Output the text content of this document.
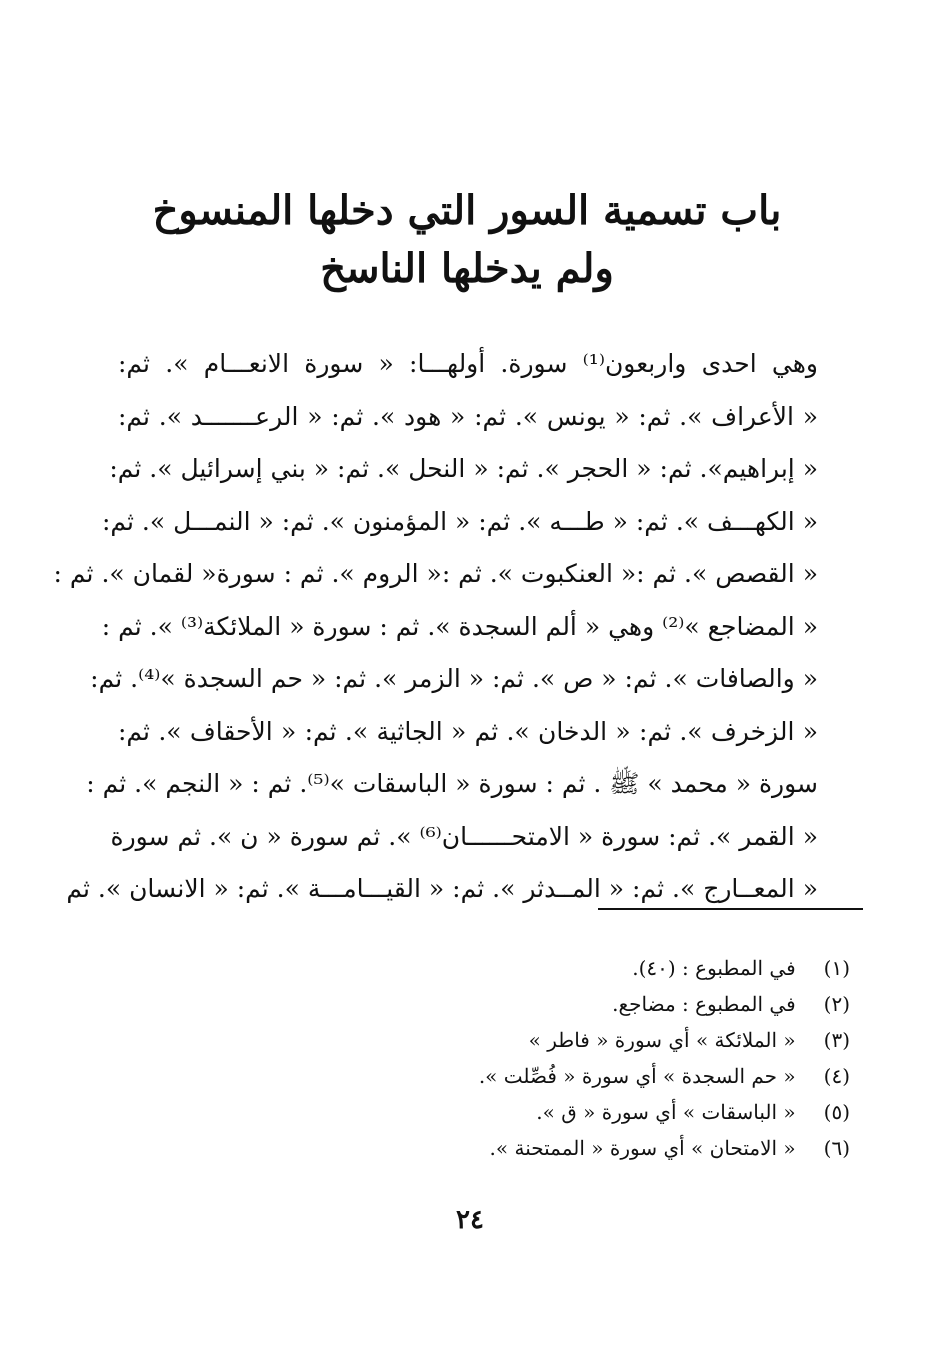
باب تسمية السور التي دخلها المنسوخ
ولم يدخلها الناسخ
وهي احدى واربعون⁽¹⁾ سورة. أولهـــا: « سورة الانعـــام ». ثم:
« الأعراف ». ثم: « يونس ». ثم: « هود ». ثم: « الرعـــــــد ». ثم:
« إبراهيم». ثم: « الحجر ». ثم: « النحل ». ثم: « بني إسرائيل ». ثم:
« الكهـــف ». ثم: « طـــه ». ثم: « المؤمنون ». ثم: « النمـــل ». ثم:
« القصص ». ثم :« العنكبوت ». ثم :« الروم ». ثم : سورة« لقمان ». ثم :
« المضاجع »⁽²⁾ وهي « ألم السجدة ». ثم : سورة « الملائكة⁽³⁾ ». ثم :
« والصافات ». ثم: « ص ». ثم: « الزمر ». ثم: « حم السجدة »⁽⁴⁾. ثم:
« الزخرف ». ثم: « الدخان ». ثم « الجاثية ». ثم: « الأحقاف ». ثم:
سورة « محمد » ﷺ . ثم : سورة « الباسقات »⁽⁵⁾. ثم : « النجم ». ثم :
« القمر ». ثم: سورة « الامتحــــــان⁽⁶⁾ ». ثم سورة « ن ». ثم سورة
« المعــارج ». ثم: « المــدثر ». ثم: « القيـــامـــة ». ثم: « الانسان ». ثم
(١) في المطبوع : (٤٠).
(٢) في المطبوع : مضاجع.
(٣) « الملائكة » أي سورة « فاطر »
(٤) « حم السجدة » أي سورة « فُصِّلت ».
(٥) « الباسقات » أي سورة « ق ».
(٦) « الامتحان » أي سورة « الممتحنة ».
٢٤
